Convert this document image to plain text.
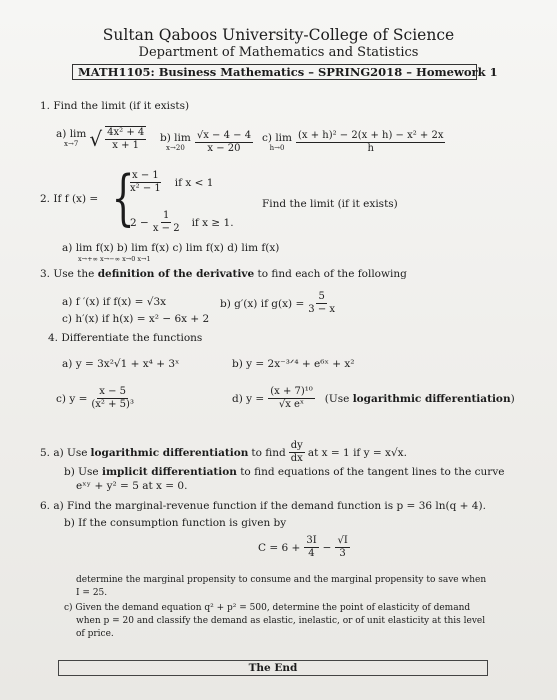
Sultan Qaboos University-College of Science
Department of Mathematics and Statistics
MATH1105: Business Mathematics – SPRING2018 – Homework 1
1. Find the limit (if it exists)
a) lim
x→7 √ $\frac{\text{4x² + 4}}{x + 1} b$) lim
$x\to 20 \frac{√x - 4 - 4}{x - 20} c$) lim
$h\to 0 \frac{\text{(x + h)² − 2(x + h) − x² + 2x}}{h}$
2. If f (x) = {
$\frac{x - 1}{\text{x² − 1}}$ if x < 1
$2 - \frac{1}{x - 2}$ if x ≥ 1.
Find the limit (if it exists)
a) lim f(x) b) lim f(x) c) lim f(x) d) lim f(x)
x→+∞ x→−∞ x→0 x→1
3. Use the definition of the derivative to find each of the following
a) f ′(x) if f(x) = √3x	b) g′(x) if $g(x) = \frac{5}{3 - x}$
c) h′(x) if h(x) = x² − 6x + 2
4. Differentiate the functions
a) y = 3x²√1 + x⁴ + 3ˣ	b) y = 2x⁻³ᐟ⁴ + e⁶ˣ + x²
c) $y = \frac{x - 5}{\text{(x² + 5)³}}$	d) $y = \frac{\text{(x + 7)¹⁰}}{\text{√x eˣ}} (Use$ logarithmic differentiation)
5. a) Use logarithmic differentiation to find $\frac{dy}{dx}$ at x = 1 if y = x√x.
b) Use implicit differentiation to find equations of the tangent lines to the curve
eˣʸ + y² = 5 at x = 0.
6. a) Find the marginal-revenue function if the demand function is p = 36 ln(q + 4).
b) If the consumption function is given by
$C = 6 + \frac{3I}{4} - \frac{√I}{3}$
determine the marginal propensity to consume and the marginal propensity to save when
I = 25.
c) Given the demand equation q² + p² = 500, determine the point of elasticity of demand
when p = 20 and classify the demand as elastic, inelastic, or of unit elasticity at this level
of price.
The End
